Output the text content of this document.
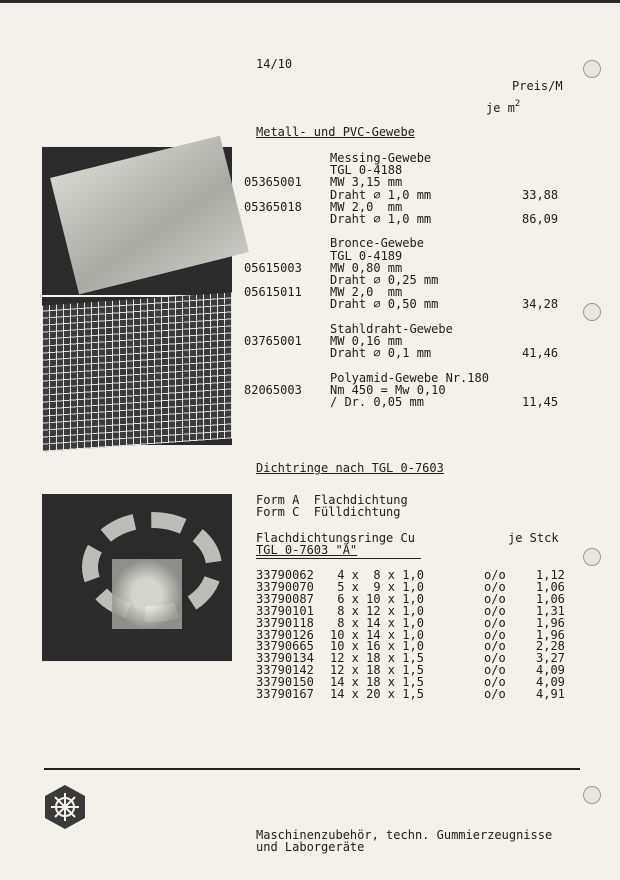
14/10
Preis/M
je $m^2$
Metall- und PVC-Gewebe
Messing-Gewebe
TGL 0-4188
05365001 MW 3,15 mm
Draht ∅ 1,0 mm	33,88
05365018 MW 2,0  mm
Draht ∅ 1,0 mm	86,09
Bronce-Gewebe
TGL 0-4189
05615003 MW 0,80 mm
Draht ∅ 0,25 mm
05615011 MW 2,0  mm
Draht ∅ 0,50 mm	34,28
Stahldraht-Gewebe
03765001 MW 0,16 mm
Draht ∅ 0,1 mm	41,46
Polyamid-Gewebe Nr.180
82065003 Nm 450 = Mw 0,10
/ Dr. 0,05 mm	11,45
Dichtringe nach TGL 0-7603
Form A  Flachdichtung
Form C  Fülldichtung
Flachdichtungsringe Cu
TGL 0-7603 "A"
je Stck
33790062 4 x  8 x 1,0	o/o	1,12
33790070 5 x  9 x 1,0	o/o	1,06
33790087 6 x 10 x 1,0	o/o	1,06
33790101 8 x 12 x 1,0	o/o	1,31
33790118 8 x 14 x 1,0	o/o	1,96
33790126 10 x 14 x 1,0	o/o	1,96
33790665 10 x 16 x 1,0	o/o	2,28
33790134 12 x 18 x 1,5	o/o	3,27
33790142 12 x 18 x 1,5	o/o	4,09
33790150 14 x 18 x 1,5	o/o	4,09
33790167 14 x 20 x 1,5	o/o	4,91
Maschinenzubehör, techn. Gummierzeugnisse
und Laborgeräte
